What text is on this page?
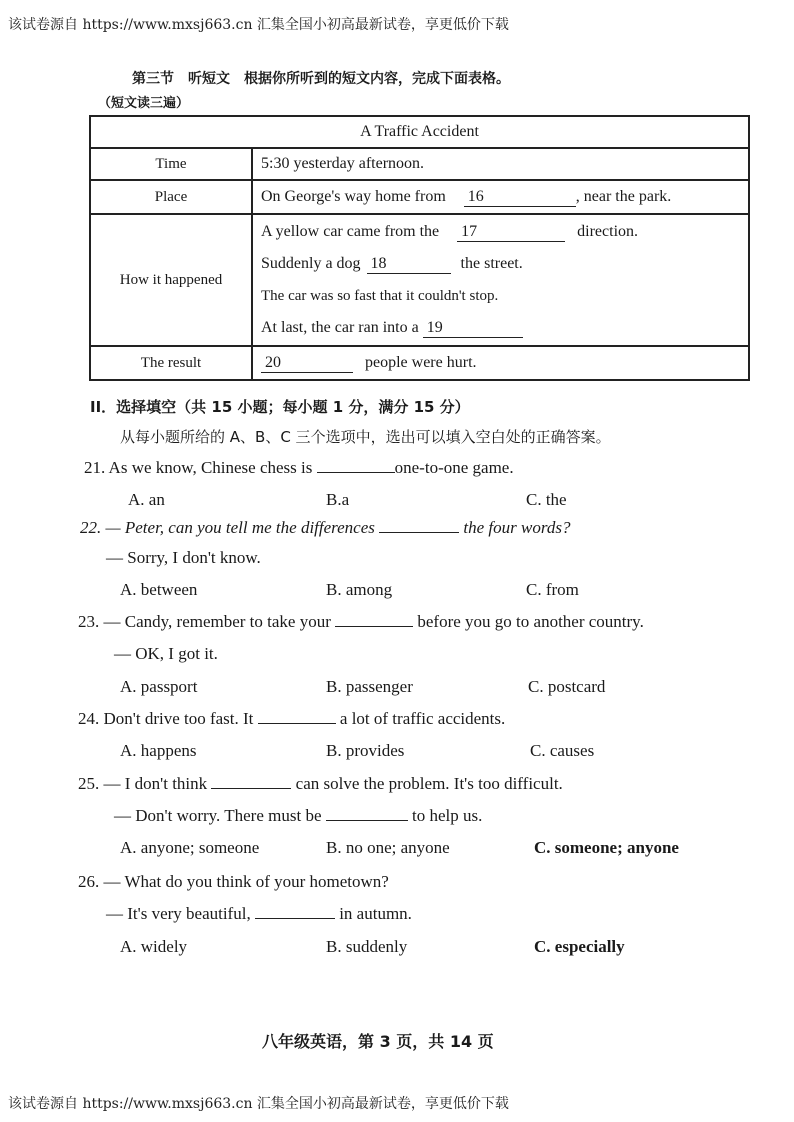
该试卷源自 https://www.mxsj663.cn 汇集全国小初高最新试卷，享更低价下载
第三节　听短文　根据你所听到的短文内容，完成下面表格。
（短文读三遍）
A Traffic Accident	
Time	5:30 yesterday afternoon.
Place	On George's way home from 16 , near the park.
How it happened	A yellow car came from the 17 direction.
Suddenly a dog 18 the street.
The car was so fast that it couldn't stop.
At last, the car ran into a 19

The result	20 people were hurt.
II．选择填空（共 15 小题；每小题 1 分，满分 15 分）
从每小题所给的 A、B、C 三个选项中，选出可以填入空白处的正确答案。
21. As we know, Chinese chess is	one-to-one game.
A. an	B.a	C. the
22. — Peter, can you tell me the differences	the four words?
— Sorry, I don't know.
A. between	B. among	C. from
23. — Candy, remember to take your	before you go to another country.
— OK, I got it.
A. passport	B. passenger	C. postcard
24. Don't drive too fast. It	a lot of traffic accidents.
A. happens	B. provides	C. causes
25. — I don't think	can solve the problem. It's too difficult.
— Don't worry. There must be	to help us.
A. anyone; someone	B. no one; anyone	C. someone; anyone
26. — What do you think of your hometown?
— It's very beautiful,	in autumn.
A. widely	B. suddenly	C. especially
八年级英语，第 3 页，共 14 页
该试卷源自 https://www.mxsj663.cn 汇集全国小初高最新试卷，享更低价下载
